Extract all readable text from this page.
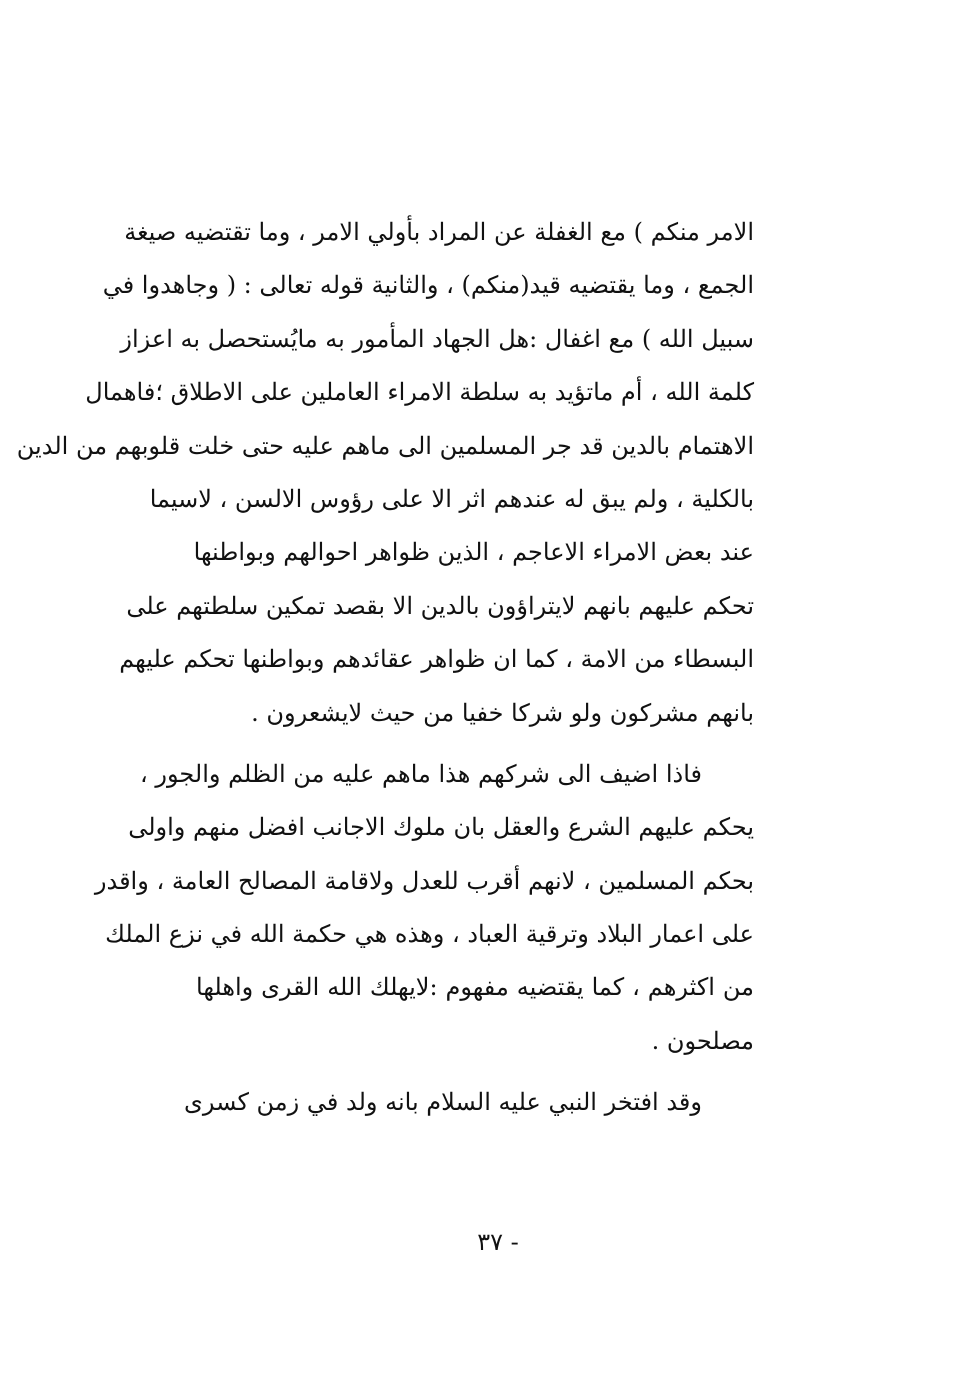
الامر منكم ) مع الغفلة عن المراد بأولي الامر ، وما تقتضيه صيغة
الجمع ، وما يقتضيه قيد(منكم) ، والثانية قوله تعالى : ( وجاهدوا في
سبيل الله ) مع اغفال :هل الجهاد المأمور به مايُستحصل به اعزاز
كلمة الله ، أم ماتؤيد به سلطة الامراء العاملين على الاطلاق ؛فاهمال
الاهتمام بالدين قد جر المسلمين الى ماهم عليه حتى خلت قلوبهم من الدين
بالكلية ، ولم يبق له عندهم اثر الا على رؤوس الالسن ، لاسيما
عند بعض الامراء الاعاجم ، الذين ظواهر احوالهم وبواطنها
تحكم عليهم بانهم لايتراؤون بالدين الا بقصد تمكين سلطتهم على
البسطاء من الامة ، كما ان ظواهر عقائدهم وبواطنها تحكم عليهم
بانهم مشركون ولو شركا خفيا من حيث لايشعرون .

فاذا اضيف الى شركهم هذا ماهم عليه من الظلم والجور ،
يحكم عليهم الشرع والعقل بان ملوك الاجانب افضل منهم واولى
بحكم المسلمين ، لانهم أقرب للعدل ولاقامة المصالح العامة ، واقدر
على اعمار البلاد وترقية العباد ، وهذه هي حكمة الله في نزع الملك
من اكثرهم ، كما يقتضيه مفهوم :لايهلك الله القرى واهلها
مصلحون .

وقد افتخر النبي عليه السلام بانه ولد في زمن كسرى

- ٣٧
